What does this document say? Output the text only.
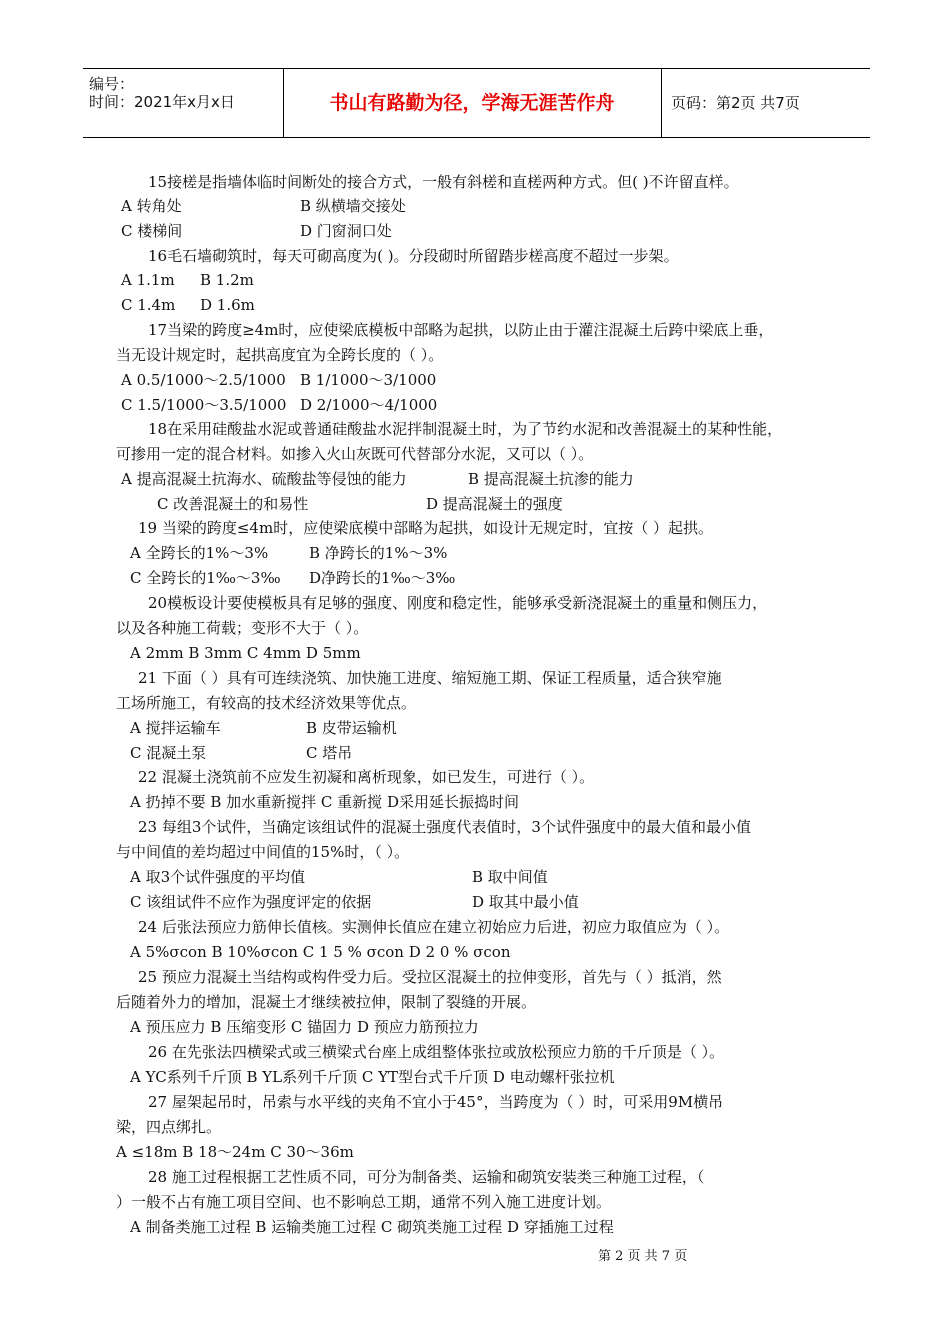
编号：
时间：2021年x月x日	书山有路勤为径，学海无涯苦作舟	页码：第2页 共7页
15接槎是指墙体临时间断处的接合方式，一般有斜槎和直槎两种方式。但( )不许留直样。
A 转角处	B 纵横墙交接处
C 楼梯间	D 门窗洞口处
16毛石墙砌筑时，每天可砌高度为( )。分段砌时所留踏步槎高度不超过一步架。
A 1.1m B 1.2m
C 1.4m D 1.6m
17当梁的跨度≥4m时，应使梁底模板中部略为起拱，以防止由于灌注混凝土后跨中梁底上垂，
当无设计规定时，起拱高度宜为全跨长度的（ ）。
A 0.5/1000～2.5/1000 B 1/1000～3/1000
C 1.5/1000～3.5/1000 D 2/1000～4/1000
18在采用硅酸盐水泥或普通硅酸盐水泥拌制混凝土时，为了节约水泥和改善混凝土的某种性能，
可掺用一定的混合材料。如掺入火山灰既可代替部分水泥，又可以（ ）。
A 提高混凝土抗海水、硫酸盐等侵蚀的能力	B 提高混凝土抗渗的能力
C 改善混凝土的和易性	D 提高混凝土的强度
19 当梁的跨度≤4m时，应使梁底模中部略为起拱，如设计无规定时，宜按（ ）起拱。
A 全跨长的1%～3%	B 净跨长的1%～3%
C 全跨长的1‰～3‰ D净跨长的1‰～3‰
20模板设计要使模板具有足够的强度、刚度和稳定性，能够承受新浇混凝土的重量和侧压力，
以及各种施工荷载；变形不大于（ ）。
A 2mm B 3mm C 4mm D 5mm
21 下面（ ）具有可连续浇筑、加快施工进度、缩短施工期、保证工程质量，适合狭窄施
工场所施工，有较高的技术经济效果等优点。
A 搅拌运输车	B 皮带运输机
C 混凝土泵	C 塔吊
22 混凝土浇筑前不应发生初凝和离析现象，如已发生，可进行（ ）。
A 扔掉不要 B 加水重新搅拌 C 重新搅 D采用延长振捣时间
23 每组3个试件，当确定该组试件的混凝土强度代表值时，3个试件强度中的最大值和最小值
与中间值的差均超过中间值的15%时，（ ）。
A 取3个试件强度的平均值	B 取中间值
C 该组试件不应作为强度评定的依据	D 取其中最小值
24 后张法预应力筋伸长值核。实测伸长值应在建立初始应力后进，初应力取值应为（ ）。
A 5%σcon B 10%σcon C 1 5 % σcon D 2 0 % σcon
25 预应力混凝土当结构或构件受力后。受拉区混凝土的拉伸变形，首先与（ ）抵消，然
后随着外力的增加，混凝土才继续被拉伸，限制了裂缝的开展。
A 预压应力 B 压缩变形 C 锚固力 D 预应力筋预拉力
26 在先张法四横梁式或三横梁式台座上成组整体张拉或放松预应力筋的千斤顶是（ ）。
A YC系列千斤顶 B YL系列千斤顶 C YT型台式千斤顶 D 电动螺杆张拉机
27 屋架起吊时，吊索与水平线的夹角不宜小于45°，当跨度为（ ）时，可采用9M横吊
梁，四点绑扎。
A ≤18m B 18～24m C 30～36m
28 施工过程根据工艺性质不同，可分为制备类、运输和砌筑安装类三种施工过程，（
）一般不占有施工项目空间、也不影响总工期，通常不列入施工进度计划。
A 制备类施工过程 B 运输类施工过程 C 砌筑类施工过程 D 穿插施工过程
第 2 页 共 7 页
